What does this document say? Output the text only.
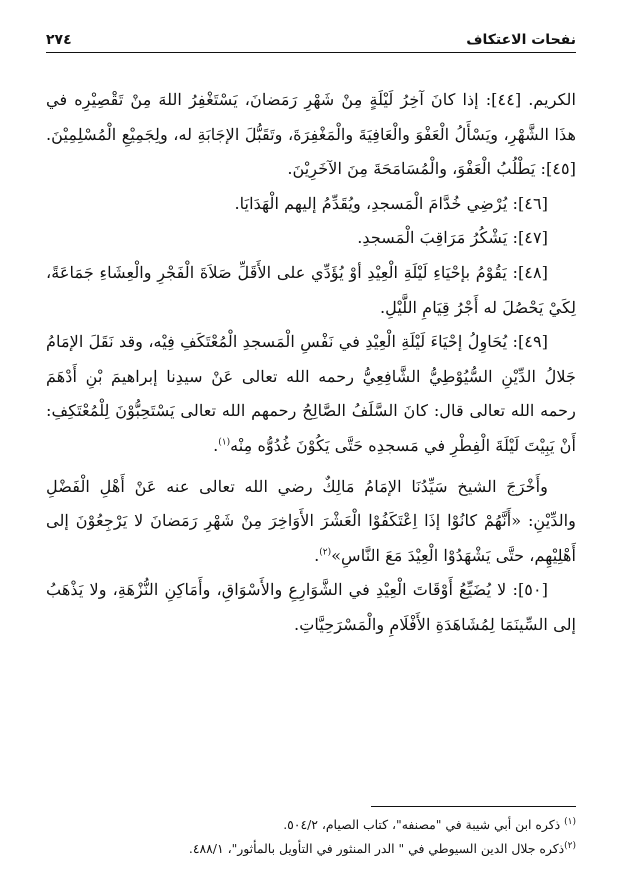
نفحات الاعتكاف
٢٧٤

الكريم. [٤٤]: إذا كانَ آخِرُ لَيْلَةٍ مِنْ شَهْرِ رَمَضانَ، يَسْتَغْفِرُ اللهَ مِنْ تَقْصِيْرِه في هذَا الشَّهْرِ، ويَسْأَلُ الْعَفْوَ والْعَافِيَةَ والْمَغْفِرَةَ، وتَقَبُّلَ الإجَابَةِ له، ولِجَمِيْعِ الْمُسْلِمِيْنَ. [٤٥]: يَطْلُبُ الْعَفْوَ، والْمُسَامَحَةَ مِنَ الآخَرِيْنَ.

[٤٦]: يُرْضِي خُدَّامَ الْمَسجدِ، ويُقَدِّمُ إليهم الْهَدَايَا.

[٤٧]: يَشْكُرُ مَرَاقِبَ الْمَسجدِ.

[٤٨]: يَقُوْمُ بإحْيَاءِ لَيْلَةِ الْعِيْدِ أوْ يُؤَدِّي على الأَقَلِّ صَلاَةَ الْفَجْرِ والْعِشَاءِ جَمَاعَةً، لِكَيْ يَحْصُلَ له أَجْرُ قِيَامِ اللَّيْلِ.

[٤٩]: يُحَاوِلُ إحْيَاءَ لَيْلَةِ الْعِيْدِ في نَفْسِ الْمَسجدِ الْمُعْتَكَفِ فِيْه، وقد نَقَلَ الإمَامُ جَلالُ الدِّيْنِ السُّيُوْطِيُّ الشَّافِعِيُّ رحمه الله تعالى عَنْ سيدِنا إبراهيمَ بْنِ أَدْهَمَ رحمه الله تعالى قال: كانَ السَّلَفُ الصَّالِحُ رحمهم الله تعالى يَسْتَحِبُّوْنَ لِلْمُعْتَكِفِ: أَنْ يَبِيْتَ لَيْلَةَ الْفِطْرِ في مَسجدِه حَتَّى يَكُوْنَ غُدُوُّه مِنْه$^{(١)}$.

وأَخْرَجَ الشيخ سَيِّدُنَا الإمَامُ مَالِكٌ رضي الله تعالى عنه عَنْ أَهْلِ الْفَضْلِ والدِّيْنِ: «أَنَّهُمْ كانُوْا إذَا اِعْتَكَفُوْا الْعَشْرَ الأَوَاخِرَ مِنْ شَهْرِ رَمَضانَ لا يَرْجِعُوْنَ إلى أَهْلِيْهِم، حتَّى يَشْهَدُوْا الْعِيْدَ مَعَ النَّاسِ»$^{(٢)}$.

[٥٠]: لا يُضَيِّعُ أَوْقَاتَ الْعِيْدِ في الشَّوَارِعِ والأَسْوَاقِ، وأَمَاكِنِ النُّزْهَةِ، ولا يَذْهَبُ إلى السِّينَمَا لِمُشَاهَدَةِ الأَفْلَامِ والْمَسْرَحِيَّاتِ.

$^{(١)}$ ذكره ابن أبي شيبة في "مصنفه"، كتاب الصيام، ٥٠٤/٢.

$^{(٢)}$ذكره جلال الدين السيوطي في " الدر المنثور في التأويل بالمأثور"، ٤٨٨/١.
